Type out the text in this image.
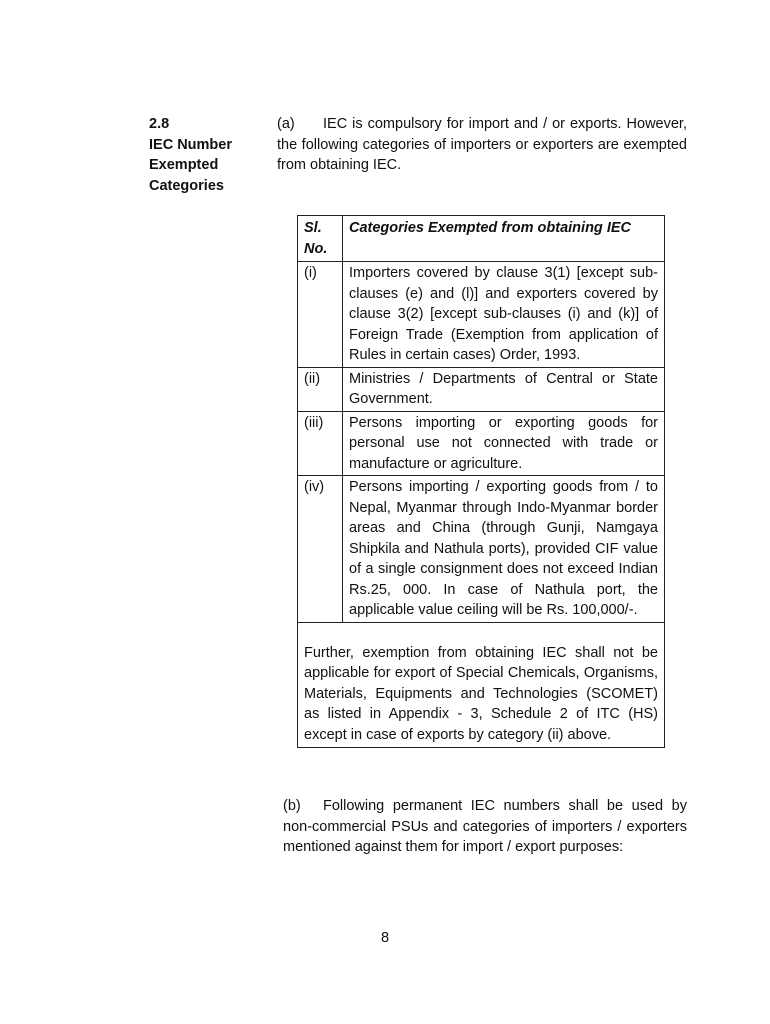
2.8
IEC Number
Exempted
Categories
(a) IEC is compulsory for import and / or exports. However, the following categories of importers or exporters are exempted from obtaining IEC.
Sl. No.	Categories Exempted from obtaining IEC
(i)	Importers covered by clause 3(1) [except sub-clauses (e) and (l)] and exporters covered by clause 3(2) [except sub-clauses (i) and (k)] of Foreign Trade (Exemption from application of Rules in certain cases) Order, 1993.
(ii)	Ministries / Departments of Central or State Government.
(iii)	Persons importing or exporting goods for personal use not connected with trade or manufacture or agriculture.
(iv)	Persons importing / exporting goods from / to Nepal, Myanmar through Indo-Myanmar border areas and China (through Gunji, Namgaya Shipkila and Nathula ports), provided CIF value of a single consignment does not exceed Indian Rs.25, 000. In case of Nathula port, the applicable value ceiling will be Rs. 100,000/-.
Further, exemption from obtaining IEC shall not be applicable for export of Special Chemicals, Organisms, Materials, Equipments and Technologies (SCOMET) as listed in Appendix - 3, Schedule 2 of ITC (HS) except in case of exports by category (ii) above.	
(b) Following permanent IEC numbers shall be used by non-commercial PSUs and categories of importers / exporters mentioned against them for import / export purposes:
8
